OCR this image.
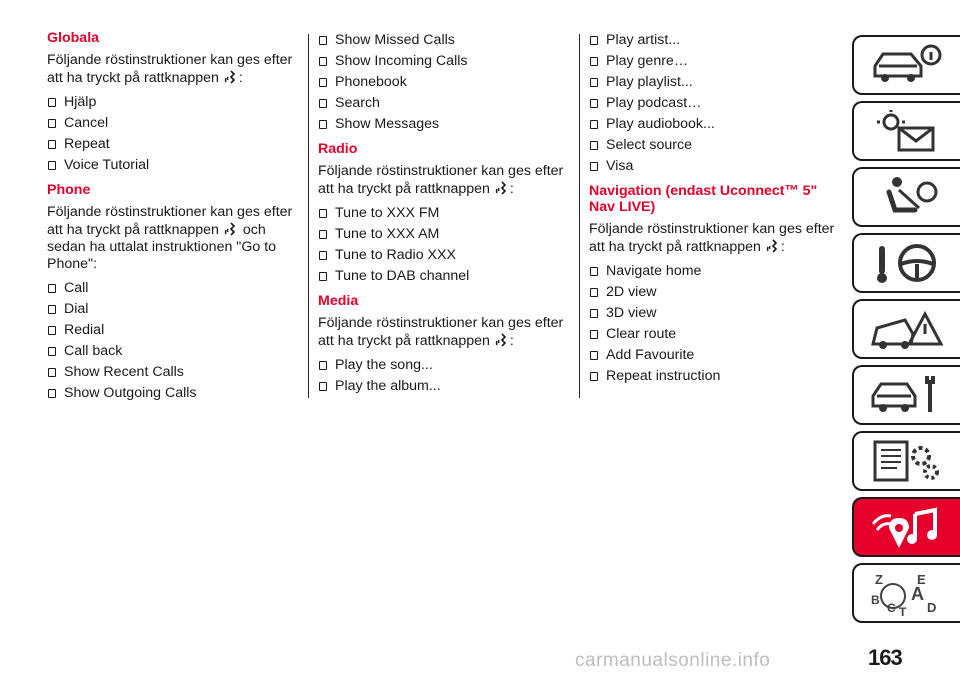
Globala

Följande röstinstruktioner kan ges efter att ha tryckt på rattknappen :

Hjälp
Cancel
Repeat
Voice Tutorial
Phone

Följande röstinstruktioner kan ges efter att ha tryckt på rattknappen och sedan ha uttalat instruktionen "Go to Phone":

Call
Dial
Redial
Call back
Show Recent Calls
Show Outgoing Calls
Show Missed Calls
Show Incoming Calls
Phonebook
Search
Show Messages
Radio

Följande röstinstruktioner kan ges efter att ha tryckt på rattknappen :

Tune to XXX FM
Tune to XXX AM
Tune to Radio XXX
Tune to DAB channel
Media

Följande röstinstruktioner kan ges efter att ha tryckt på rattknappen :

Play the song...
Play the album...
Play artist...
Play genre…
Play playlist...
Play podcast…
Play audiobook...
Select source
Visa
Navigation (endast Uconnect™ 5" Nav LIVE)

Följande röstinstruktioner kan ges efter att ha tryckt på rattknappen :

Navigate home
2D view
3D view
Clear route
Add Favourite
Repeat instruction
Z	E
A
B
C T D
163
carmanualsonline.info
